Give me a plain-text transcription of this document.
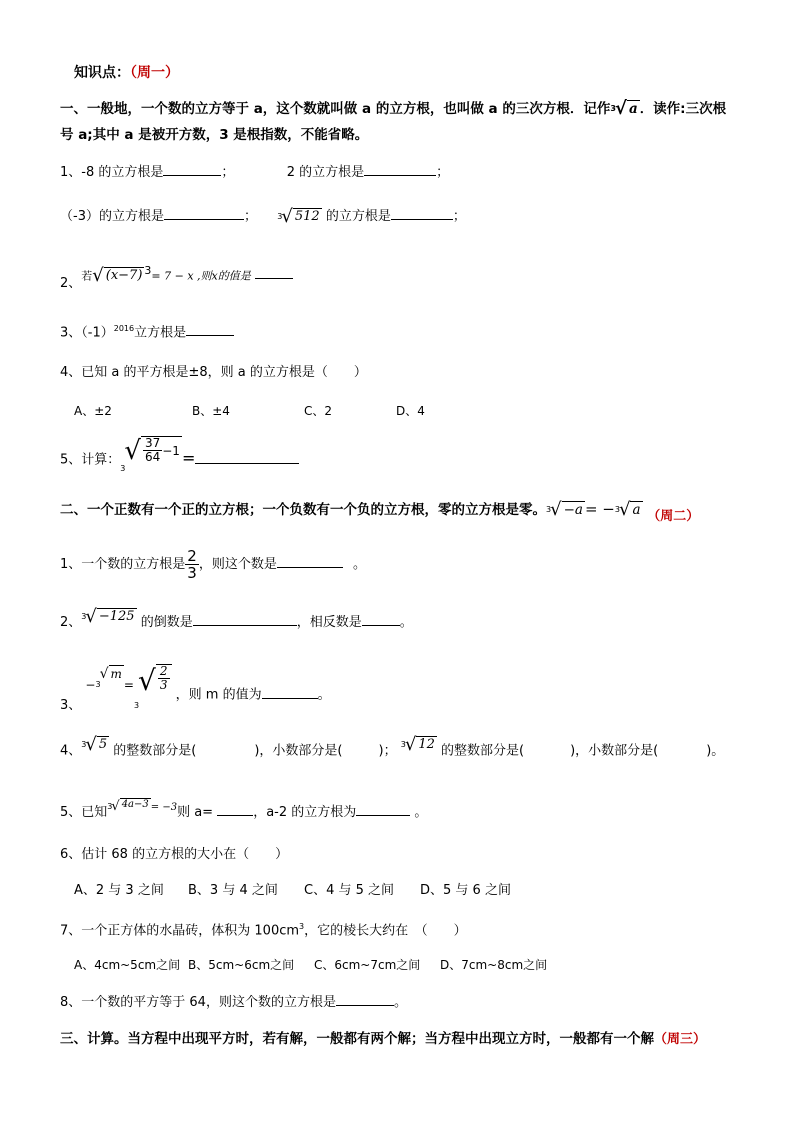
知识点：（周一）
一、一般地，一个数的立方等于 a，这个数就叫做 a 的立方根，也叫做 a 的三次方根．记作 3 √ a ．读作:三次根
号 a;其中 a 是被开方数，3 是根指数，不能省略。
1、-8 的立方根是	；	2 的立方根是	；
（-3）的立方根是	；	3 √ 512 的立方根是	；
2、若 √ (x−7) $^3$= 7 − x ,则x的值是
3、$(-1)^{2016}$立方根是
4、已知 a 的平方根是±8，则 a 的立方根是（　　）
A、±2	B、±4	C、2	D、4
5、计算：
3
√ $\frac{37}{64} -1$ =
二、一个正数有一个正的立方根；一个负数有一个负的立方根，零的立方根是零。 3 √ −a = − 3 √ a （周二）
1、一个数的立方根是 $\frac{2}{3}$ ，则这个数是	。
2、 3 √ −125 的倒数是	，相反数是	。
3、 − 3
√ m
=
3
√ $\frac{2}{3}$
，则 m 的值为	。
4、 3 √ 5 的整数部分是(	)，小数部分是(	)； 3 √ 12 的整数部分是(	)，小数部分是(	)。
5、已知 3 √ 4a−3 = −3则 a=	，a-2 的立方根为	。
6、估计 68 的立方根的大小在（　　）
A、2 与 3 之间 B、3 与 4 之间 C、4 与 5 之间 D、5 与 6 之间
7、一个正方体的水晶砖，体积为 $100cm^3$，它的棱长大约在　（　　）
A、4cm~5cm之间 B、5cm~6cm之间 C、6cm~7cm之间 D、7cm~8cm之间
8、一个数的平方等于 64，则这个数的立方根是	。
三、计算。当方程中出现平方时，若有解，一般都有两个解；当方程中出现立方时，一般都有一个解（周三）
